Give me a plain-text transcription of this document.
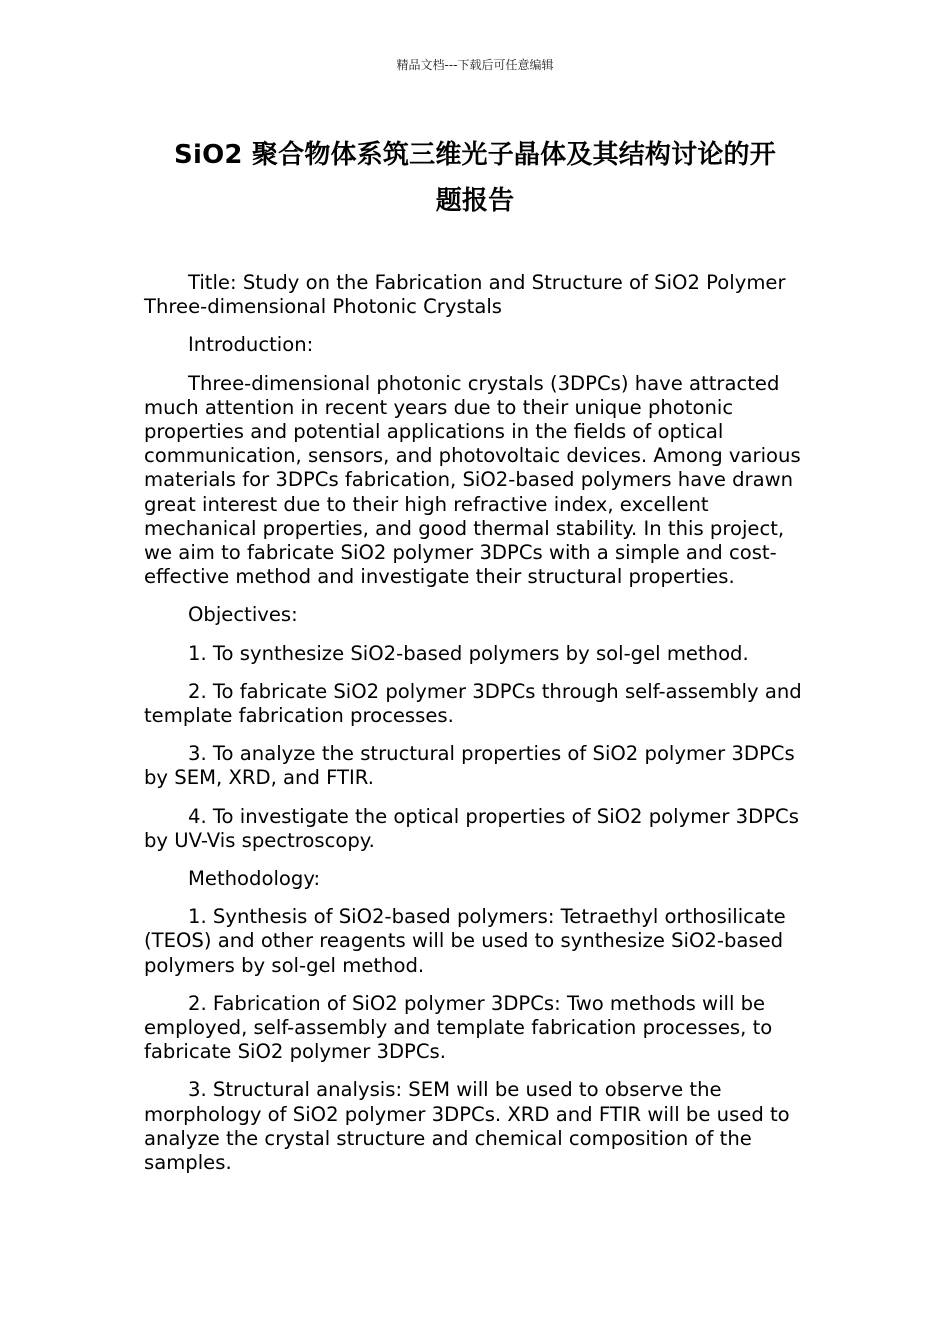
精品文档---下载后可任意编辑
SiO2 聚合物体系筑三维光子晶体及其结构讨论的开
题报告

Title: Study on the Fabrication and Structure of SiO2 Polymer Three-dimensional Photonic Crystals

Introduction:

Three-dimensional photonic crystals (3DPCs) have attracted much attention in recent years due to their unique photonic properties and potential applications in the fields of optical communication, sensors, and photovoltaic devices. Among various materials for 3DPCs fabrication, SiO2-based polymers have drawn great interest due to their high refractive index, excellent mechanical properties, and good thermal stability. In this project, we aim to fabricate SiO2 polymer 3DPCs with a simple and cost-effective method and investigate their structural properties.

Objectives:

1. To synthesize SiO2-based polymers by sol-gel method.

2. To fabricate SiO2 polymer 3DPCs through self-assembly and template fabrication processes.

3. To analyze the structural properties of SiO2 polymer 3DPCs by SEM, XRD, and FTIR.

4. To investigate the optical properties of SiO2 polymer 3DPCs by UV-Vis spectroscopy.

Methodology:

1. Synthesis of SiO2-based polymers: Tetraethyl orthosilicate (TEOS) and other reagents will be used to synthesize SiO2-based polymers by sol-gel method.

2. Fabrication of SiO2 polymer 3DPCs: Two methods will be employed, self-assembly and template fabrication processes, to fabricate SiO2 polymer 3DPCs.

3. Structural analysis: SEM will be used to observe the morphology of SiO2 polymer 3DPCs. XRD and FTIR will be used to analyze the crystal structure and chemical composition of the samples.
